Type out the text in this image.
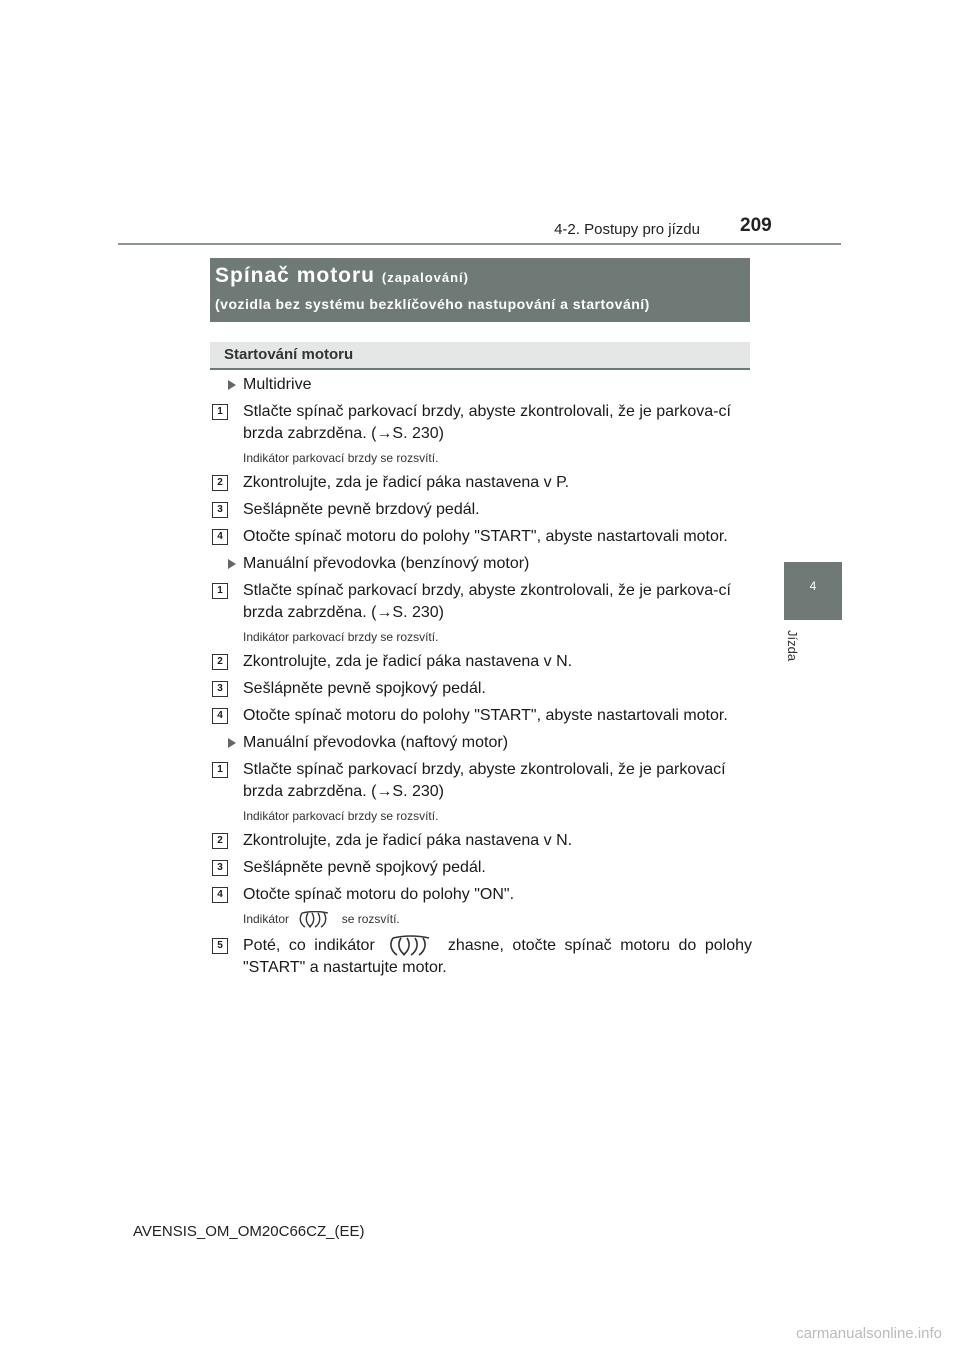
4-2. Postupy pro jízdu 209
4
Jízda
Spínač motoru (zapalování)
(vozidla bez systému bezklíčového nastupování a startování)
Startování motoru
Multidrive
1	Stlačte spínač parkovací brzdy, abyste zkontrolovali, že je parkova-cí brzda zabrzděna. (→S. 230)
Indikátor parkovací brzdy se rozsvítí.
2	Zkontrolujte, zda je řadicí páka nastavena v P.
3	Sešlápněte pevně brzdový pedál.
4	Otočte spínač motoru do polohy "START", abyste nastartovali motor.
Manuální převodovka (benzínový motor)
1	Stlačte spínač parkovací brzdy, abyste zkontrolovali, že je parkova-cí brzda zabrzděna. (→S. 230)
Indikátor parkovací brzdy se rozsvítí.
2	Zkontrolujte, zda je řadicí páka nastavena v N.
3	Sešlápněte pevně spojkový pedál.
4	Otočte spínač motoru do polohy "START", abyste nastartovali motor.
Manuální převodovka (naftový motor)
1	Stlačte spínač parkovací brzdy, abyste zkontrolovali, že je parkovací brzda zabrzděna. (→S. 230)
Indikátor parkovací brzdy se rozsvítí.
2	Zkontrolujte, zda je řadicí páka nastavena v N.
3	Sešlápněte pevně spojkový pedál.
4	Otočte spínač motoru do polohy "ON".
Indikátor	se rozsvítí.
5	Poté, co indikátor	zhasne, otočte spínač motoru do polohy "START" a nastartujte motor.
AVENSIS_OM_OM20C66CZ_(EE)
carmanualsonline.info
